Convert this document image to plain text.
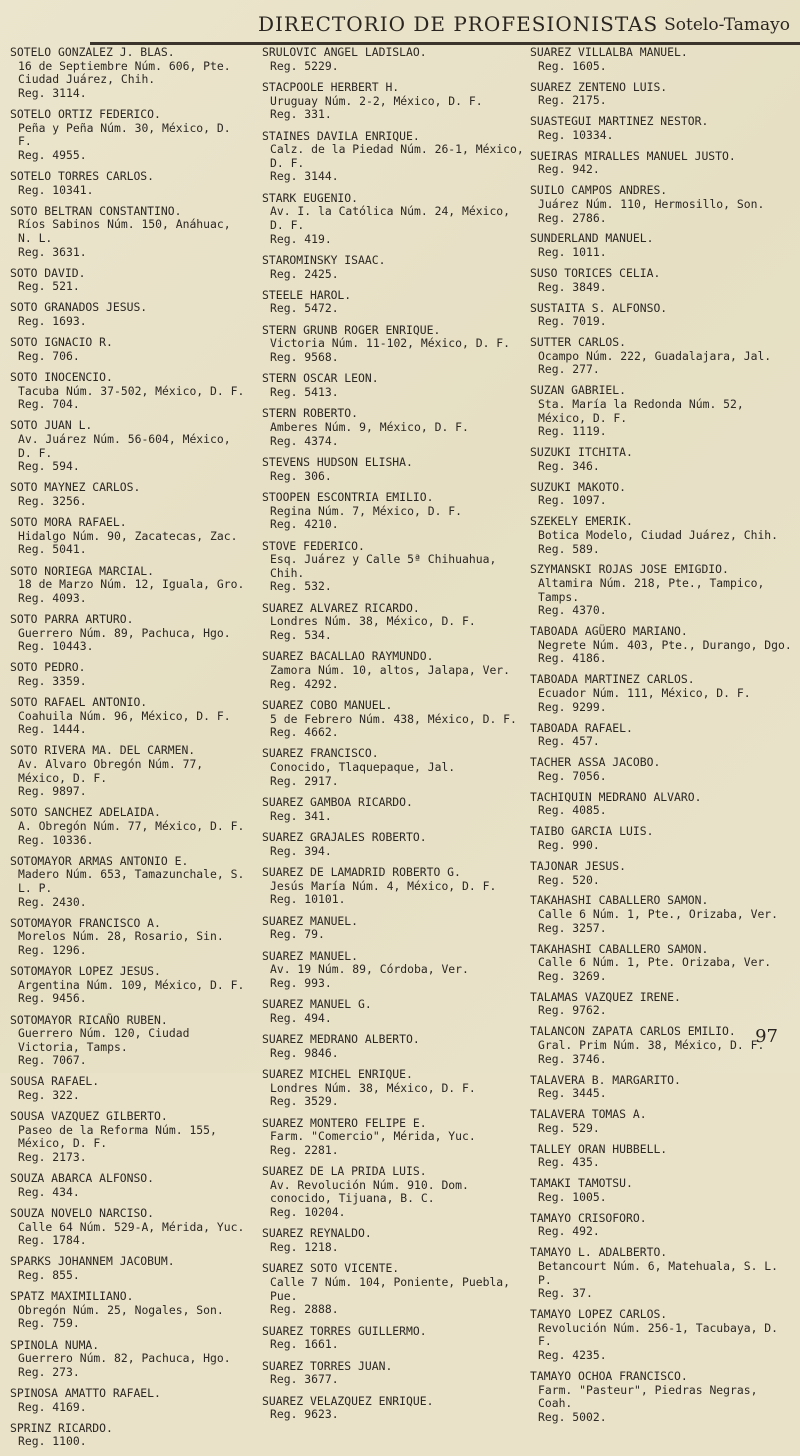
DIRECTORIO DE PROFESIONISTAS Sotelo-Tamayo
SOTELO GONZALEZ J. BLAS.
16 de Septiembre Núm. 606, Pte. Ciudad Juárez, Chih.
Reg. 3114.
SOTELO ORTIZ FEDERICO.
Peña y Peña Núm. 30, México, D. F.
Reg. 4955.
SOTELO TORRES CARLOS.
Reg. 10341.
SOTO BELTRAN CONSTANTINO.
Ríos Sabinos Núm. 150, Anáhuac, N. L.
Reg. 3631.
SOTO DAVID.
Reg. 521.
SOTO GRANADOS JESUS.
Reg. 1693.
SOTO IGNACIO R.
Reg. 706.
SOTO INOCENCIO.
Tacuba Núm. 37-502, México, D. F.
Reg. 704.
SOTO JUAN L.
Av. Juárez Núm. 56-604, México, D. F.
Reg. 594.
SOTO MAYNEZ CARLOS.
Reg. 3256.
SOTO MORA RAFAEL.
Hidalgo Núm. 90, Zacatecas, Zac.
Reg. 5041.
SOTO NORIEGA MARCIAL.
18 de Marzo Núm. 12, Iguala, Gro.
Reg. 4093.
SOTO PARRA ARTURO.
Guerrero Núm. 89, Pachuca, Hgo.
Reg. 10443.
SOTO PEDRO.
Reg. 3359.
SOTO RAFAEL ANTONIO.
Coahuila Núm. 96, México, D. F.
Reg. 1444.
SOTO RIVERA MA. DEL CARMEN.
Av. Alvaro Obregón Núm. 77, México, D. F.
Reg. 9897.
SOTO SANCHEZ ADELAIDA.
A. Obregón Núm. 77, México, D. F.
Reg. 10336.
SOTOMAYOR ARMAS ANTONIO E.
Madero Núm. 653, Tamazunchale, S. L. P.
Reg. 2430.
SOTOMAYOR FRANCISCO A.
Morelos Núm. 28, Rosario, Sin.
Reg. 1296.
SOTOMAYOR LOPEZ JESUS.
Argentina Núm. 109, México, D. F.
Reg. 9456.
SOTOMAYOR RICAÑO RUBEN.
Guerrero Núm. 120, Ciudad Victoria, Tamps.
Reg. 7067.
SOUSA RAFAEL.
Reg. 322.
SOUSA VAZQUEZ GILBERTO.
Paseo de la Reforma Núm. 155, México, D. F.
Reg. 2173.
SOUZA ABARCA ALFONSO.
Reg. 434.
SOUZA NOVELO NARCISO.
Calle 64 Núm. 529-A, Mérida, Yuc.
Reg. 1784.
SPARKS JOHANNEM JACOBUM.
Reg. 855.
SPATZ MAXIMILIANO.
Obregón Núm. 25, Nogales, Son.
Reg. 759.
SPINOLA NUMA.
Guerrero Núm. 82, Pachuca, Hgo.
Reg. 273.
SPINOSA AMATTO RAFAEL.
Reg. 4169.
SPRINZ RICARDO.
Reg. 1100.
SRULOVIC ANGEL LADISLAO.
Reg. 5229.
STACPOOLE HERBERT H.
Uruguay Núm. 2-2, México, D. F.
Reg. 331.
STAINES DAVILA ENRIQUE.
Calz. de la Piedad Núm. 26-1, México, D. F.
Reg. 3144.
STARK EUGENIO.
Av. I. la Católica Núm. 24, México, D. F.
Reg. 419.
STAROMINSKY ISAAC.
Reg. 2425.
STEELE HAROL.
Reg. 5472.
STERN GRUNB ROGER ENRIQUE.
Victoria Núm. 11-102, México, D. F.
Reg. 9568.
STERN OSCAR LEON.
Reg. 5413.
STERN ROBERTO.
Amberes Núm. 9, México, D. F.
Reg. 4374.
STEVENS HUDSON ELISHA.
Reg. 306.
STOOPEN ESCONTRIA EMILIO.
Regina Núm. 7, México, D. F.
Reg. 4210.
STOVE FEDERICO.
Esq. Juárez y Calle 5ª Chihuahua, Chih.
Reg. 532.
SUAREZ ALVAREZ RICARDO.
Londres Núm. 38, México, D. F.
Reg. 534.
SUAREZ BACALLAO RAYMUNDO.
Zamora Núm. 10, altos, Jalapa, Ver.
Reg. 4292.
SUAREZ COBO MANUEL.
5 de Febrero Núm. 438, México, D. F.
Reg. 4662.
SUAREZ FRANCISCO.
Conocido, Tlaquepaque, Jal.
Reg. 2917.
SUAREZ GAMBOA RICARDO.
Reg. 341.
SUAREZ GRAJALES ROBERTO.
Reg. 394.
SUAREZ DE LAMADRID ROBERTO G.
Jesús María Núm. 4, México, D. F.
Reg. 10101.
SUAREZ MANUEL.
Reg. 79.
SUAREZ MANUEL.
Av. 19 Núm. 89, Córdoba, Ver.
Reg. 993.
SUAREZ MANUEL G.
Reg. 494.
SUAREZ MEDRANO ALBERTO.
Reg. 9846.
SUAREZ MICHEL ENRIQUE.
Londres Núm. 38, México, D. F.
Reg. 3529.
SUAREZ MONTERO FELIPE E.
Farm. "Comercio", Mérida, Yuc.
Reg. 2281.
SUAREZ DE LA PRIDA LUIS.
Av. Revolución Núm. 910. Dom. conocido, Tijuana, B. C.
Reg. 10204.
SUAREZ REYNALDO.
Reg. 1218.
SUAREZ SOTO VICENTE.
Calle 7 Núm. 104, Poniente, Puebla, Pue.
Reg. 2888.
SUAREZ TORRES GUILLERMO.
Reg. 1661.
SUAREZ TORRES JUAN.
Reg. 3677.
SUAREZ VELAZQUEZ ENRIQUE.
Reg. 9623.
SUAREZ VILLALBA MANUEL.
Reg. 1605.
SUAREZ ZENTENO LUIS.
Reg. 2175.
SUASTEGUI MARTINEZ NESTOR.
Reg. 10334.
SUEIRAS MIRALLES MANUEL JUSTO.
Reg. 942.
SUILO CAMPOS ANDRES.
Juárez Núm. 110, Hermosillo, Son.
Reg. 2786.
SUNDERLAND MANUEL.
Reg. 1011.
SUSO TORICES CELIA.
Reg. 3849.
SUSTAITA S. ALFONSO.
Reg. 7019.
SUTTER CARLOS.
Ocampo Núm. 222, Guadalajara, Jal.
Reg. 277.
SUZAN GABRIEL.
Sta. María la Redonda Núm. 52, México, D. F.
Reg. 1119.
SUZUKI ITCHITA.
Reg. 346.
SUZUKI MAKOTO.
Reg. 1097.
SZEKELY EMERIK.
Botica Modelo, Ciudad Juárez, Chih.
Reg. 589.
SZYMANSKI ROJAS JOSE EMIGDIO.
Altamira Núm. 218, Pte., Tampico, Tamps.
Reg. 4370.
TABOADA AGÜERO MARIANO.
Negrete Núm. 403, Pte., Durango, Dgo.
Reg. 4186.
TABOADA MARTINEZ CARLOS.
Ecuador Núm. 111, México, D. F.
Reg. 9299.
TABOADA RAFAEL.
Reg. 457.
TACHER ASSA JACOBO.
Reg. 7056.
TACHIQUIN MEDRANO ALVARO.
Reg. 4085.
TAIBO GARCIA LUIS.
Reg. 990.
TAJONAR JESUS.
Reg. 520.
TAKAHASHI CABALLERO SAMON.
Calle 6 Núm. 1, Pte., Orizaba, Ver.
Reg. 3257.
TAKAHASHI CABALLERO SAMON.
Calle 6 Núm. 1, Pte. Orizaba, Ver.
Reg. 3269.
TALAMAS VAZQUEZ IRENE.
Reg. 9762.
TALANCON ZAPATA CARLOS EMILIO.
Gral. Prim Núm. 38, México, D. F.
Reg. 3746.
TALAVERA B. MARGARITO.
Reg. 3445.
TALAVERA TOMAS A.
Reg. 529.
TALLEY ORAN HUBBELL.
Reg. 435.
TAMAKI TAMOTSU.
Reg. 1005.
TAMAYO CRISOFORO.
Reg. 492.
TAMAYO L. ADALBERTO.
Betancourt Núm. 6, Matehuala, S. L. P.
Reg. 37.
TAMAYO LOPEZ CARLOS.
Revolución Núm. 256-1, Tacubaya, D. F.
Reg. 4235.
TAMAYO OCHOA FRANCISCO.
Farm. "Pasteur", Piedras Negras, Coah.
Reg. 5002.
97
